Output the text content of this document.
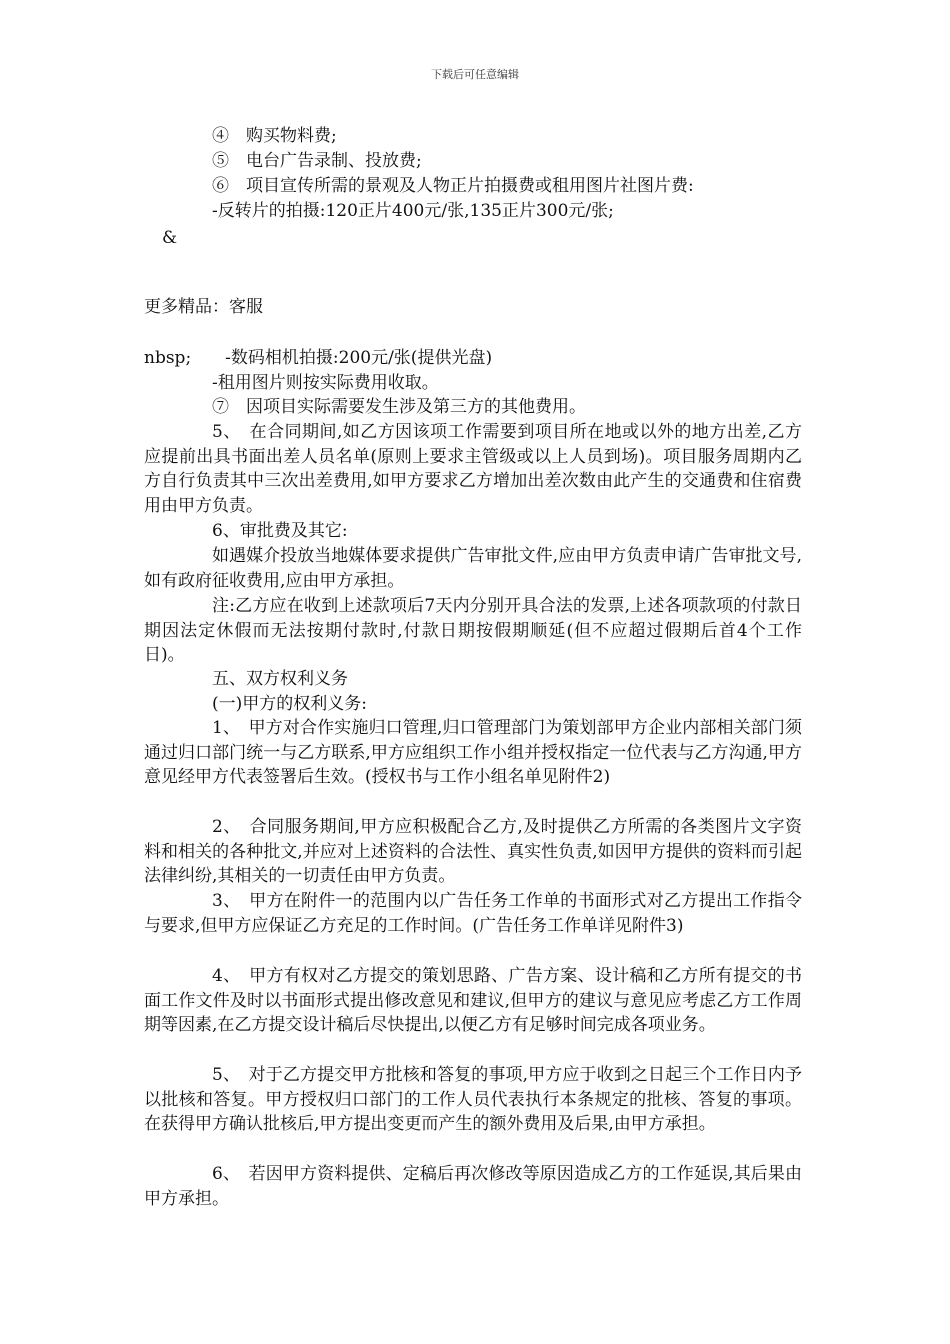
下载后可任意编辑
④　购买物料费;
⑤　电台广告录制、投放费;
⑥　项目宣传所需的景观及人物正片拍摄费或租用图片社图片费:
-反转片的拍摄:120正片400元/张,135正片300元/张;
&
更多精品：客服
nbsp;　　-数码相机拍摄:200元/张(提供光盘)
-租用图片则按实际费用收取。
⑦　因项目实际需要发生涉及第三方的其他费用。

5、　在合同期间,如乙方因该项工作需要到项目所在地或以外的地方出差,乙方应提前出具书面出差人员名单(原则上要求主管级或以上人员到场)。项目服务周期内乙方自行负责其中三次出差费用,如甲方要求乙方增加出差次数由此产生的交通费和住宿费用由甲方负责。

6、审批费及其它:

如遇媒介投放当地媒体要求提供广告审批文件,应由甲方负责申请广告审批文号,如有政府征收费用,应由甲方承担。

注:乙方应在收到上述款项后7天内分别开具合法的发票,上述各项款项的付款日期因法定休假而无法按期付款时,付款日期按假期顺延(但不应超过假期后首4个工作日)。

五、双方权利义务
(一)甲方的权利义务:

1、　甲方对合作实施归口管理,归口管理部门为策划部甲方企业内部相关部门须通过归口部门统一与乙方联系,甲方应组织工作小组并授权指定一位代表与乙方沟通,甲方意见经甲方代表签署后生效。(授权书与工作小组名单见附件2)

2、　合同服务期间,甲方应积极配合乙方,及时提供乙方所需的各类图片文字资料和相关的各种批文,并应对上述资料的合法性、真实性负责,如因甲方提供的资料而引起法律纠纷,其相关的一切责任由甲方负责。

3、　甲方在附件一的范围内以广告任务工作单的书面形式对乙方提出工作指令与要求,但甲方应保证乙方充足的工作时间。(广告任务工作单详见附件3)

4、　甲方有权对乙方提交的策划思路、广告方案、设计稿和乙方所有提交的书面工作文件及时以书面形式提出修改意见和建议,但甲方的建议与意见应考虑乙方工作周期等因素,在乙方提交设计稿后尽快提出,以便乙方有足够时间完成各项业务。

5、　对于乙方提交甲方批核和答复的事项,甲方应于收到之日起三个工作日内予以批核和答复。甲方授权归口部门的工作人员代表执行本条规定的批核、答复的事项。在获得甲方确认批核后,甲方提出变更而产生的额外费用及后果,由甲方承担。

6、　若因甲方资料提供、定稿后再次修改等原因造成乙方的工作延误,其后果由甲方承担。
